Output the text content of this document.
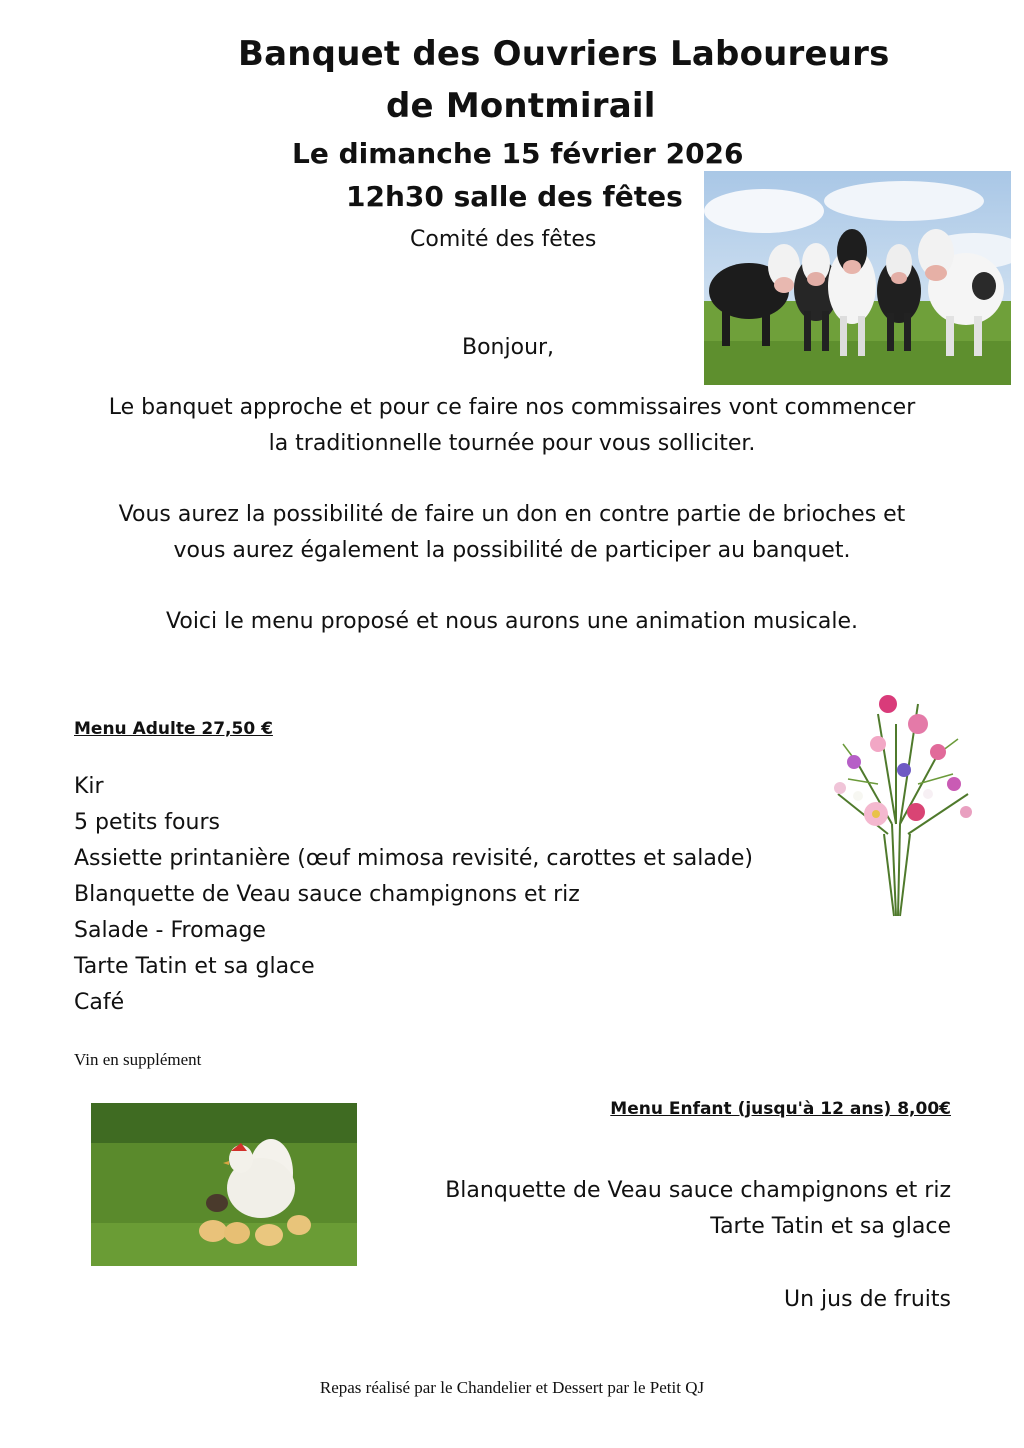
Banquet des Ouvriers Laboureurs
de Montmirail
Le dimanche 15 février 2026
12h30 salle des fêtes
Comité des fêtes
Bonjour,
Le banquet approche et pour ce faire nos commissaires vont commencer
la traditionnelle tournée pour vous solliciter.
Vous aurez la possibilité de faire un don en contre partie de brioches et
vous aurez également la possibilité de participer au banquet.
Voici le menu proposé et nous aurons une animation musicale.
Menu Adulte 27,50 €
Kir
5 petits fours
Assiette printanière (œuf mimosa revisité, carottes et salade)
Blanquette de Veau sauce champignons et riz
Salade - Fromage
Tarte Tatin et sa glace
Café
Vin en supplément
Menu Enfant (jusqu'à 12 ans) 8,00€
Blanquette de Veau sauce champignons et riz
Tarte Tatin et sa glace
Un jus de fruits
Repas réalisé par le Chandelier et Dessert par le Petit QJ
